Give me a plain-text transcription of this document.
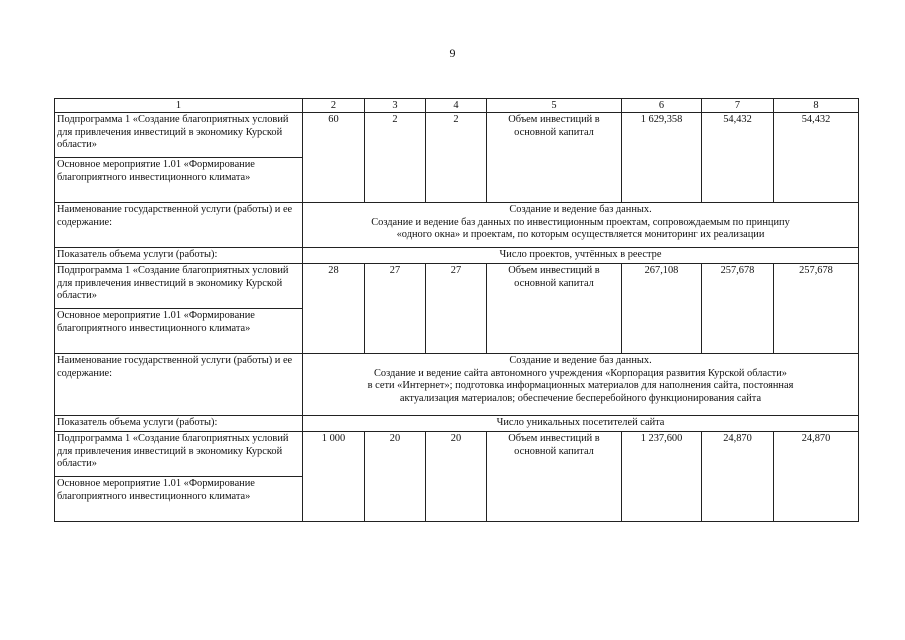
9
1	2	3	4	5	6	7	8
Подпрограмма 1 «Создание благоприятных условий для привлечения инвестиций в экономику Курской области»	60	2	2	Объем инвестиций в основной капитал	1 629,358	54,432	54,432
Основное мероприятие 1.01 «Формирование благоприятного инвестиционного климата»							
Наименование государственной услуги (работы) и ее содержание:	Создание и ведение баз данных.
Создание и ведение баз данных по инвестиционным проектам, сопровождаемым по принципу
«одного окна» и проектам, по которым осуществляется мониторинг их реализации						

Показатель объема услуги (работы):	Число проектов, учтённых в реестре						
Подпрограмма 1 «Создание благоприятных условий для привлечения инвестиций в экономику Курской области»	28	27	27	Объем инвестиций в основной капитал	267,108	257,678	257,678
Основное мероприятие 1.01 «Формирование благоприятного инвестиционного климата»							
Наименование государственной услуги (работы) и ее содержание:	Создание и ведение баз данных.
Создание и ведение сайта автономного учреждения «Корпорация развития Курской области»
в сети «Интернет»; подготовка информационных материалов для наполнения сайта, постоянная
актуализация материалов; обеспечение бесперебойного функционирования сайта						

Показатель объема услуги (работы):	Число уникальных посетителей сайта						
Подпрограмма 1 «Создание благоприятных условий для привлечения инвестиций в экономику Курской области»	1 000	20	20	Объем инвестиций в основной капитал	1 237,600	24,870	24,870
Основное мероприятие 1.01 «Формирование благоприятного инвестиционного климата»							
